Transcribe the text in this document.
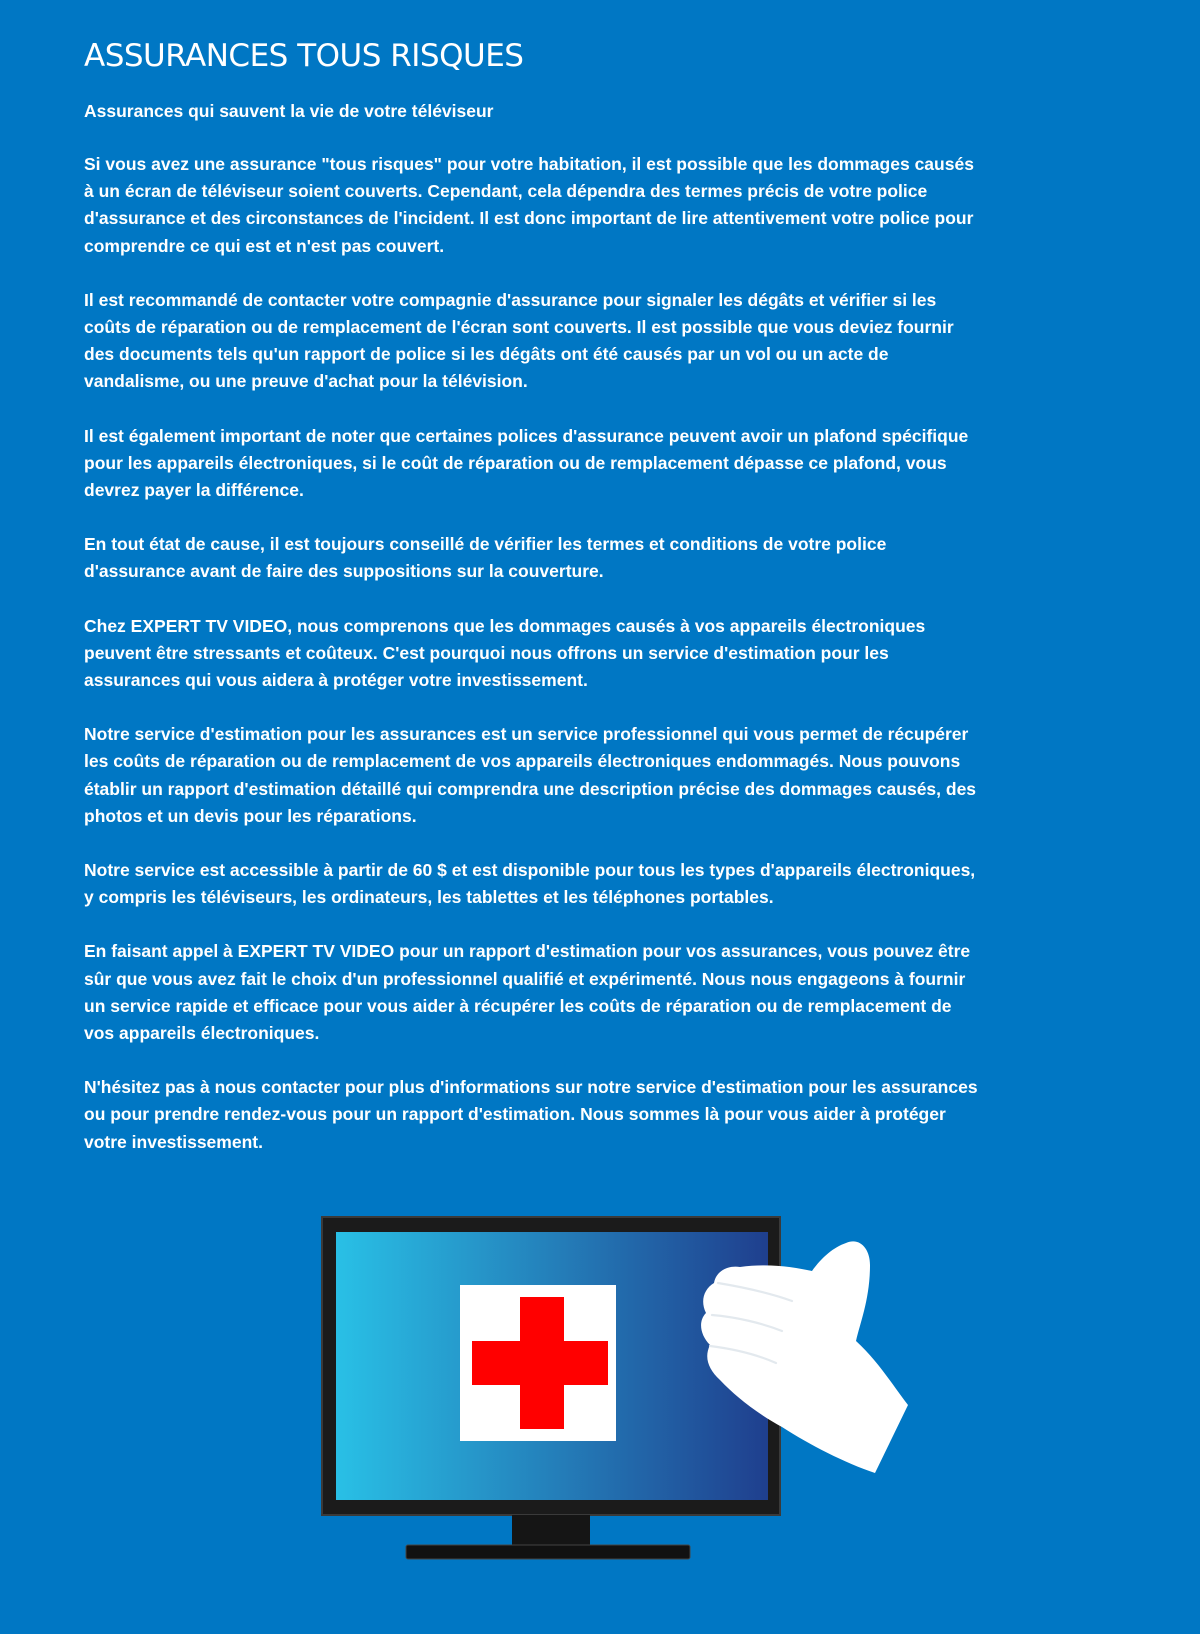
ASSURANCES TOUS RISQUES

Assurances qui sauvent la vie de votre téléviseur

Si vous avez une assurance "tous risques" pour votre habitation, il est possible que les dommages causés à un écran de téléviseur soient couverts. Cependant, cela dépendra des termes précis de votre police d'assurance et des circonstances de l'incident. Il est donc important de lire attentivement votre police pour comprendre ce qui est et n'est pas couvert.

Il est recommandé de contacter votre compagnie d'assurance pour signaler les dégâts et vérifier si les coûts de réparation ou de remplacement de l'écran sont couverts. Il est possible que vous deviez fournir des documents tels qu'un rapport de police si les dégâts ont été causés par un vol ou un acte de vandalisme, ou une preuve d'achat pour la télévision.

Il est également important de noter que certaines polices d'assurance peuvent avoir un plafond spécifique pour les appareils électroniques, si le coût de réparation ou de remplacement dépasse ce plafond, vous devrez payer la différence.

En tout état de cause, il est toujours conseillé de vérifier les termes et conditions de votre police d'assurance avant de faire des suppositions sur la couverture.

Chez EXPERT TV VIDEO, nous comprenons que les dommages causés à vos appareils électroniques peuvent être stressants et coûteux. C'est pourquoi nous offrons un service d'estimation pour les assurances qui vous aidera à protéger votre investissement.

Notre service d'estimation pour les assurances est un service professionnel qui vous permet de récupérer les coûts de réparation ou de remplacement de vos appareils électroniques endommagés. Nous pouvons établir un rapport d'estimation détaillé qui comprendra une description précise des dommages causés, des photos et un devis pour les réparations.

Notre service est accessible à partir de 60 $ et est disponible pour tous les types d'appareils électroniques, y compris les téléviseurs, les ordinateurs, les tablettes et les téléphones portables.

En faisant appel à EXPERT TV VIDEO pour un rapport d'estimation pour vos assurances, vous pouvez être sûr que vous avez fait le choix d'un professionnel qualifié et expérimenté. Nous nous engageons à fournir un service rapide et efficace pour vous aider à récupérer les coûts de réparation ou de remplacement de vos appareils électroniques.

N'hésitez pas à nous contacter pour plus d'informations sur notre service d'estimation pour les assurances ou pour prendre rendez-vous pour un rapport d'estimation. Nous sommes là pour vous aider à protéger votre investissement.
